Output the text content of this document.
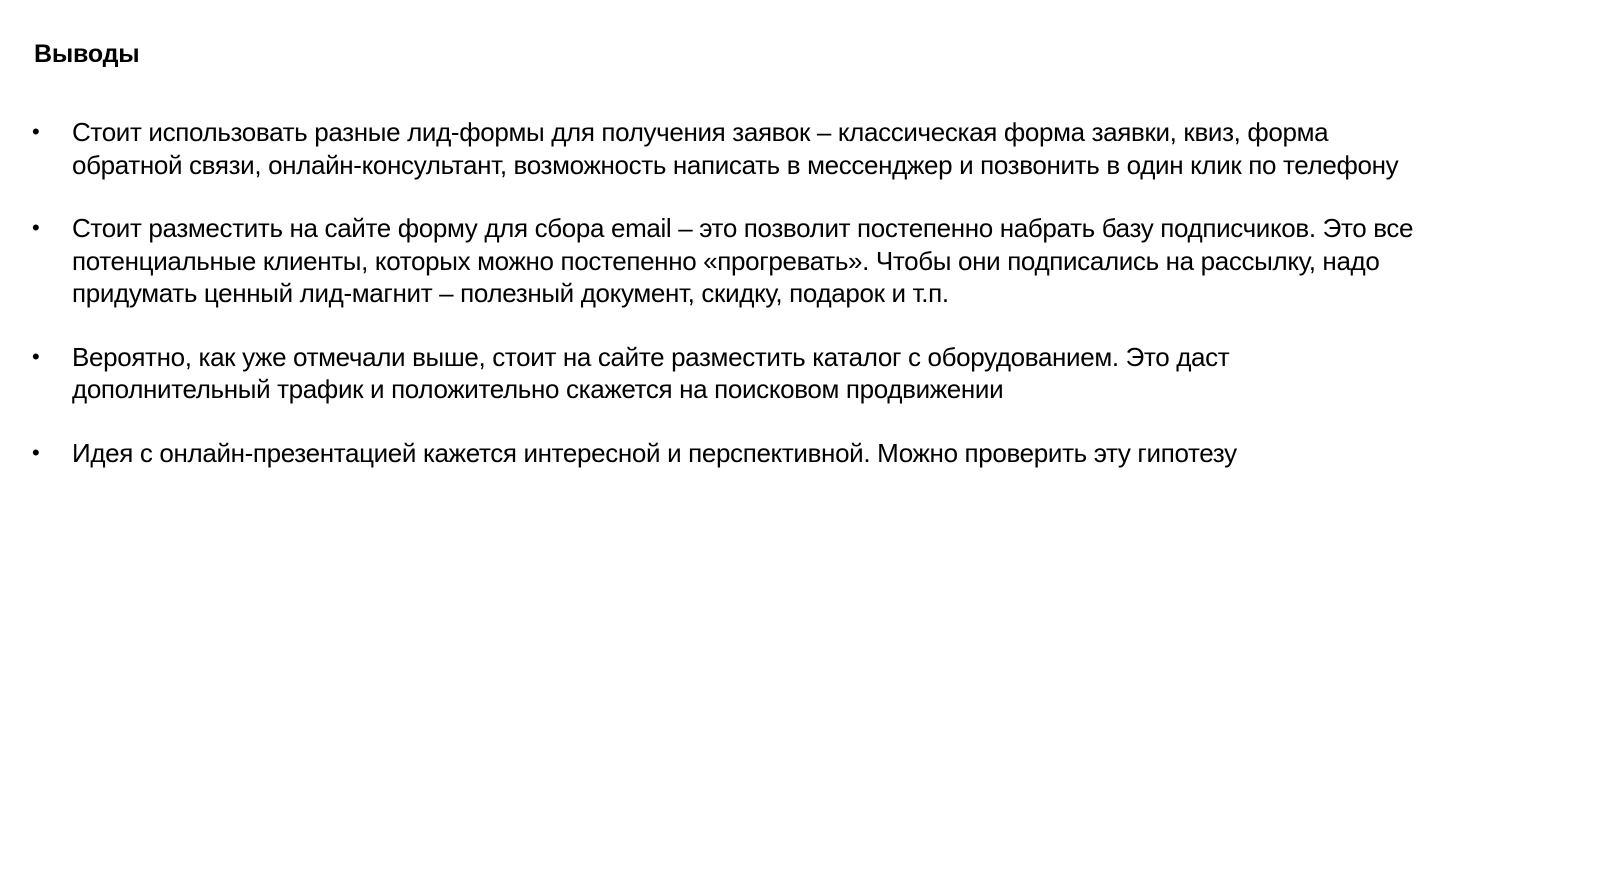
Выводы
• Стоит использовать разные лид-формы для получения заявок – классическая форма заявки, квиз, форма обратной связи, онлайн-консультант, возможность написать в мессенджер и позвонить в один клик по телефону
• Стоит разместить на сайте форму для сбора email – это позволит постепенно набрать базу подписчиков. Это все потенциальные клиенты, которых можно постепенно «прогревать». Чтобы они подписались на рассылку, надо придумать ценный лид-магнит – полезный документ, скидку, подарок и т.п.
• Вероятно, как уже отмечали выше, стоит на сайте разместить каталог с оборудованием. Это даст дополнительный трафик и положительно скажется на поисковом продвижении
• Идея с онлайн-презентацией кажется интересной и перспективной. Можно проверить эту гипотезу
